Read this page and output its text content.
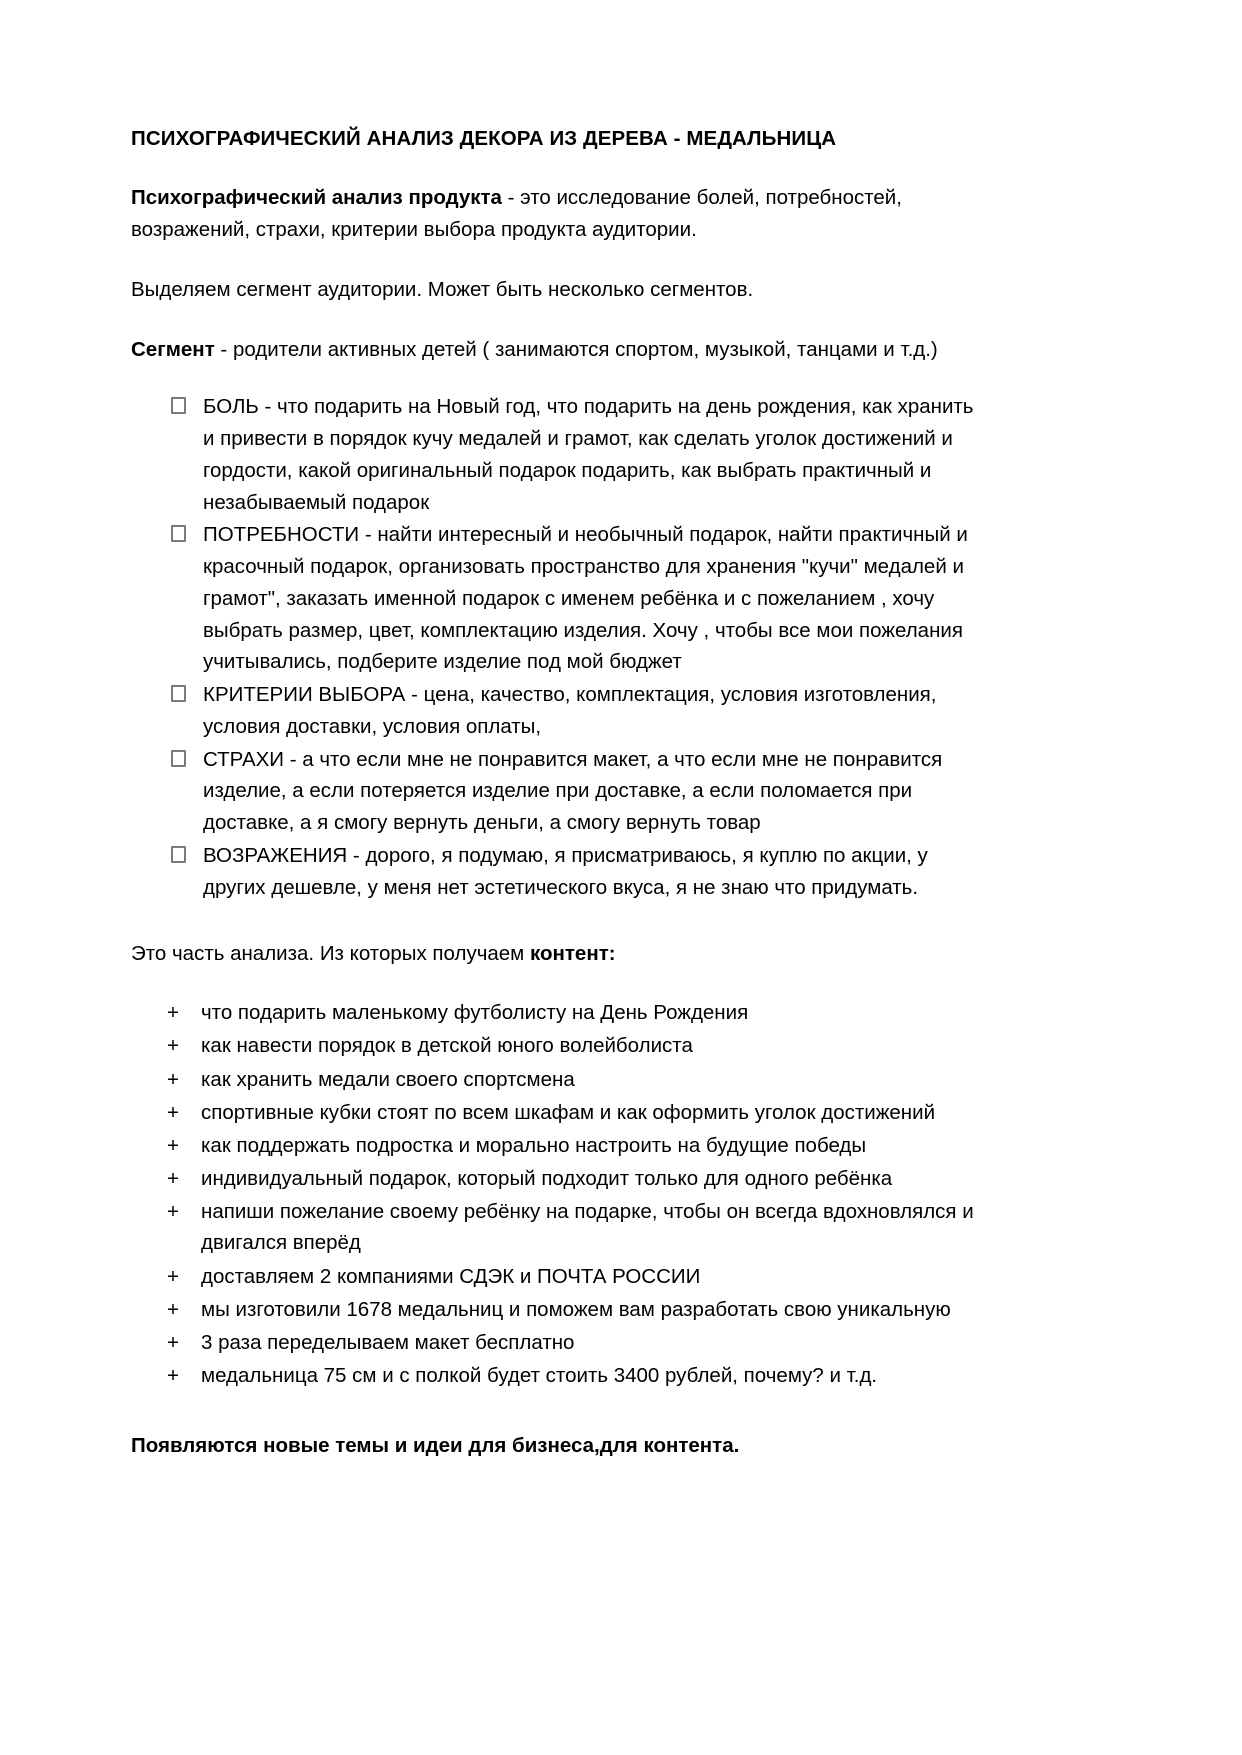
ПСИХОГРАФИЧЕСКИЙ АНАЛИЗ ДЕКОРА ИЗ ДЕРЕВА - МЕДАЛЬНИЦА

Психографический анализ продукта - это исследование болей, потребностей, возражений, страхи, критерии выбора продукта аудитории.

Выделяем сегмент аудитории. Может быть несколько сегментов.

Сегмент - родители активных детей ( занимаются спортом, музыкой, танцами и т.д.)

БОЛЬ - что подарить на Новый год, что подарить на день рождения, как хранить и привести в порядок кучу медалей и грамот, как сделать уголок достижений и гордости, какой оригинальный подарок подарить, как выбрать практичный и незабываемый подарок
ПОТРЕБНОСТИ - найти интересный и необычный подарок, найти практичный и красочный подарок, организовать пространство для хранения "кучи" медалей и грамот", заказать именной подарок с именем ребёнка и с пожеланием , хочу выбрать размер, цвет, комплектацию изделия. Хочу , чтобы все мои пожелания учитывались, подберите изделие под мой бюджет
КРИТЕРИИ ВЫБОРА - цена, качество, комплектация, условия изготовления, условия доставки, условия оплаты,
СТРАХИ - а что если мне не понравится макет, а что если мне не понравится изделие, а если потеряется изделие при доставке, а если поломается при доставке, а я смогу вернуть деньги, а смогу вернуть товар
ВОЗРАЖЕНИЯ - дорого, я подумаю, я присматриваюсь, я куплю по акции, у других дешевле, у меня нет эстетического вкуса, я не знаю что придумать.

Это часть анализа. Из которых получаем контент:

+ что подарить маленькому футболисту на День Рождения
+ как навести порядок в детской юного волейболиста
+ как хранить медали своего спортсмена
+ спортивные кубки стоят по всем шкафам и как оформить уголок достижений
+ как поддержать подростка и морально настроить на будущие победы
+ индивидуальный подарок, который подходит только для одного ребёнка
+ напиши пожелание своему ребёнку на подарке, чтобы он всегда вдохновлялся и двигался вперёд
+ доставляем 2 компаниями СДЭК и ПОЧТА РОССИИ
+ мы изготовили 1678 медальниц и поможем вам разработать свою уникальную
+ 3 раза переделываем макет бесплатно
+ медальница 75 см и с полкой будет стоить 3400 рублей, почему? и т.д.

Появляются новые темы и идеи для бизнеса,для контента.
